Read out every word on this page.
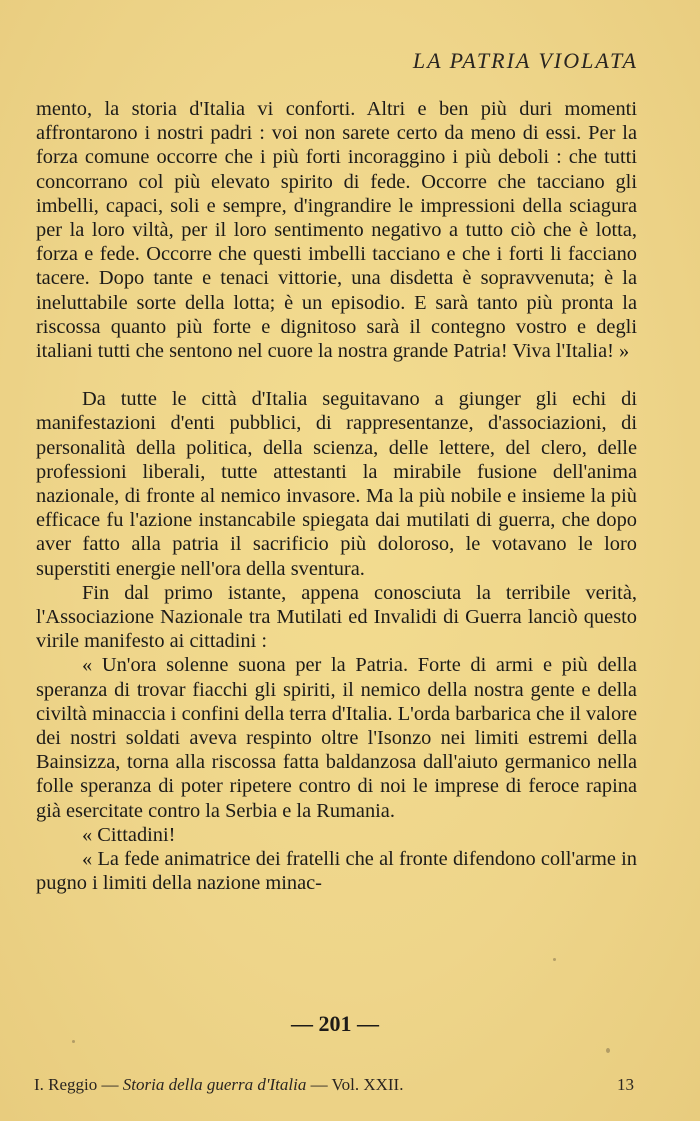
LA PATRIA VIOLATA

mento, la storia d'Italia vi conforti. Altri e ben più duri momenti affrontarono i nostri padri : voi non sarete certo da meno di essi. Per la forza comune occorre che i più forti incoraggino i più deboli : che tutti concorrano col più elevato spirito di fede. Occorre che tacciano gli imbelli, capaci, soli e sempre, d'ingrandire le impressioni della sciagura per la loro viltà, per il loro sentimento negativo a tutto ciò che è lotta, forza e fede. Occorre che questi imbelli tacciano e che i forti li facciano tacere. Dopo tante e tenaci vittorie, una disdetta è sopravvenuta; è la ineluttabile sorte della lotta; è un episodio. E sarà tanto più pronta la riscossa quanto più forte e dignitoso sarà il contegno vostro e degli italiani tutti che sentono nel cuore la nostra grande Patria! Viva l'Italia! »

Da tutte le città d'Italia seguitavano a giunger gli echi di manifestazioni d'enti pubblici, di rappresentanze, d'associazioni, di personalità della politica, della scienza, delle lettere, del clero, delle professioni liberali, tutte attestanti la mirabile fusione dell'anima nazionale, di fronte al nemico invasore. Ma la più nobile e insieme la più efficace fu l'azione instancabile spiegata dai mutilati di guerra, che dopo aver fatto alla patria il sacrificio più doloroso, le votavano le loro superstiti energie nell'ora della sventura.

Fin dal primo istante, appena conosciuta la terribile verità, l'Associazione Nazionale tra Mutilati ed Invalidi di Guerra lanciò questo virile manifesto ai cittadini :

« Un'ora solenne suona per la Patria. Forte di armi e più della speranza di trovar fiacchi gli spiriti, il nemico della nostra gente e della civiltà minaccia i confini della terra d'Italia. L'orda barbarica che il valore dei nostri soldati aveva respinto oltre l'Isonzo nei limiti estremi della Bainsizza, torna alla riscossa fatta baldanzosa dall'aiuto germanico nella folle speranza di poter ripetere contro di noi le imprese di feroce rapina già esercitate contro la Serbia e la Rumania.

« Cittadini!

« La fede animatrice dei fratelli che al fronte difendono coll'arme in pugno i limiti della nazione minac-

— 201 —
I. Reggio — Storia della guerra d'Italia — Vol. XXII.	13
